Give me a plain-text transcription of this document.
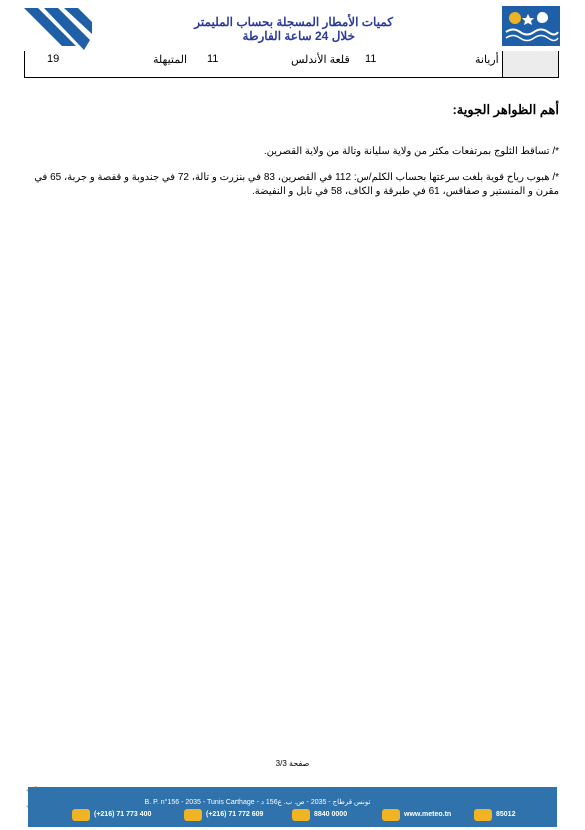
كميات الأمطار المسجلة بحساب المليمتر
خلال 24 ساعة الفارطة
19	المتيهلة 11	قلعة الأندلس 11	أريانة
أهم الظواهر الجوية:
*/ تساقط الثلوج بمرتفعات مكثر من ولاية سليانة وتالة من ولاية القصرين.
*/ هبوب رياح قوية بلغت سرعتها بحساب الكلم/س: 112 في القصرين، 83 في بنزرت و تالة، 72 في جندوبة و قفصة و جربة، 65 في مقرن و المنستير و صفاقس، 61 في طبرقة و الكاف، 58 في نابل و النفيضة.
صفحة 3/3
B. P. n°156 - 2035 - Tunis Carthage - تونس قرطاج - 2035 - ص. ب. ع156 د
(+216) 71 773 400	(+216) 71 772 609	8840 0000	www.meteo.tn	85012
